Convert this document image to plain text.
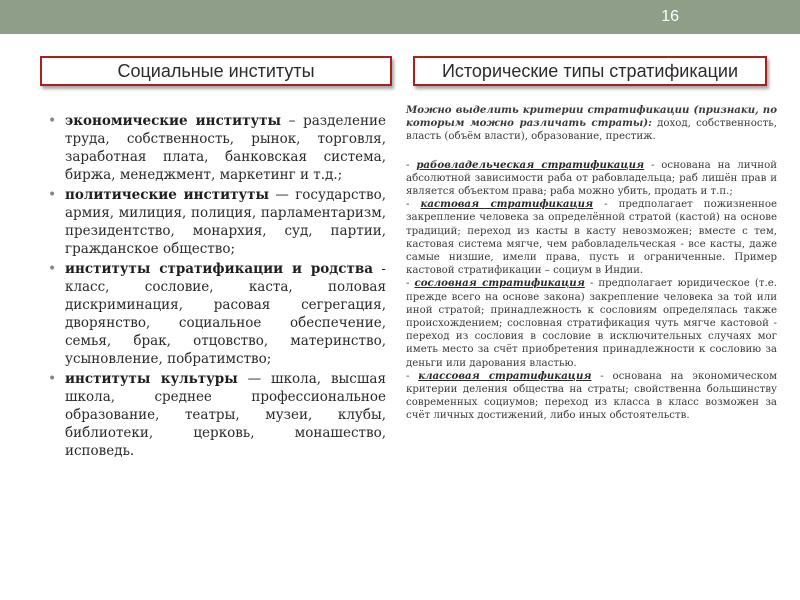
16
Социальные институты	Исторические типы стратификации
• экономические институты – разделение труда, собственность, рынок, торговля, заработная плата, банковская система, биржа, менеджмент, маркетинг и т.д.;
• политические институты — государство, армия, милиция, полиция, парламентаризм, президентство, монархия, суд, партии, гражданское общество;
• институты стратификации и родства - класс, сословие, каста, половая дискриминация, расовая сегрегация, дворянство, социальное обеспечение, семья, брак, отцовство, материнство, усыновление, побратимство;
• институты культуры — школа, высшая школа, среднее профессиональное образование, театры, музеи, клубы, библиотеки, церковь, монашество, исповедь.

Можно выделить критерии стратификации (признаки, по которым можно различать страты): доход, собственность, власть (объём власти), образование, престиж.

- рабовладельческая стратификация - основана на личной абсолютной зависимости раба от рабовладельца; раб лишён прав и является объектом права; раба можно убить, продать и т.п.;

- кастовая стратификация - предполагает пожизненное закрепление человека за определённой стратой (кастой) на основе традиций; переход из касты в касту невозможен; вместе с тем, кастовая система мягче, чем рабовладельческая - все касты, даже самые низшие, имели права, пусть и ограниченные. Пример кастовой стратификации – социум в Индии.

- сословная стратификация - предполагает юридическое (т.е. прежде всего на основе закона) закрепление человека за той или иной стратой; принадлежность к сословиям определялась также происхождением; сословная стратификация чуть мягче кастовой - переход из сословия в сословие в исключительных случаях мог иметь место за счёт приобретения принадлежности к сословию за деньги или дарования властью.

- классовая стратификация - основана на экономическом критерии деления общества на страты; свойственна большинству современных социумов; переход из класса в класс возможен за счёт личных достижений, либо иных обстоятельств.
